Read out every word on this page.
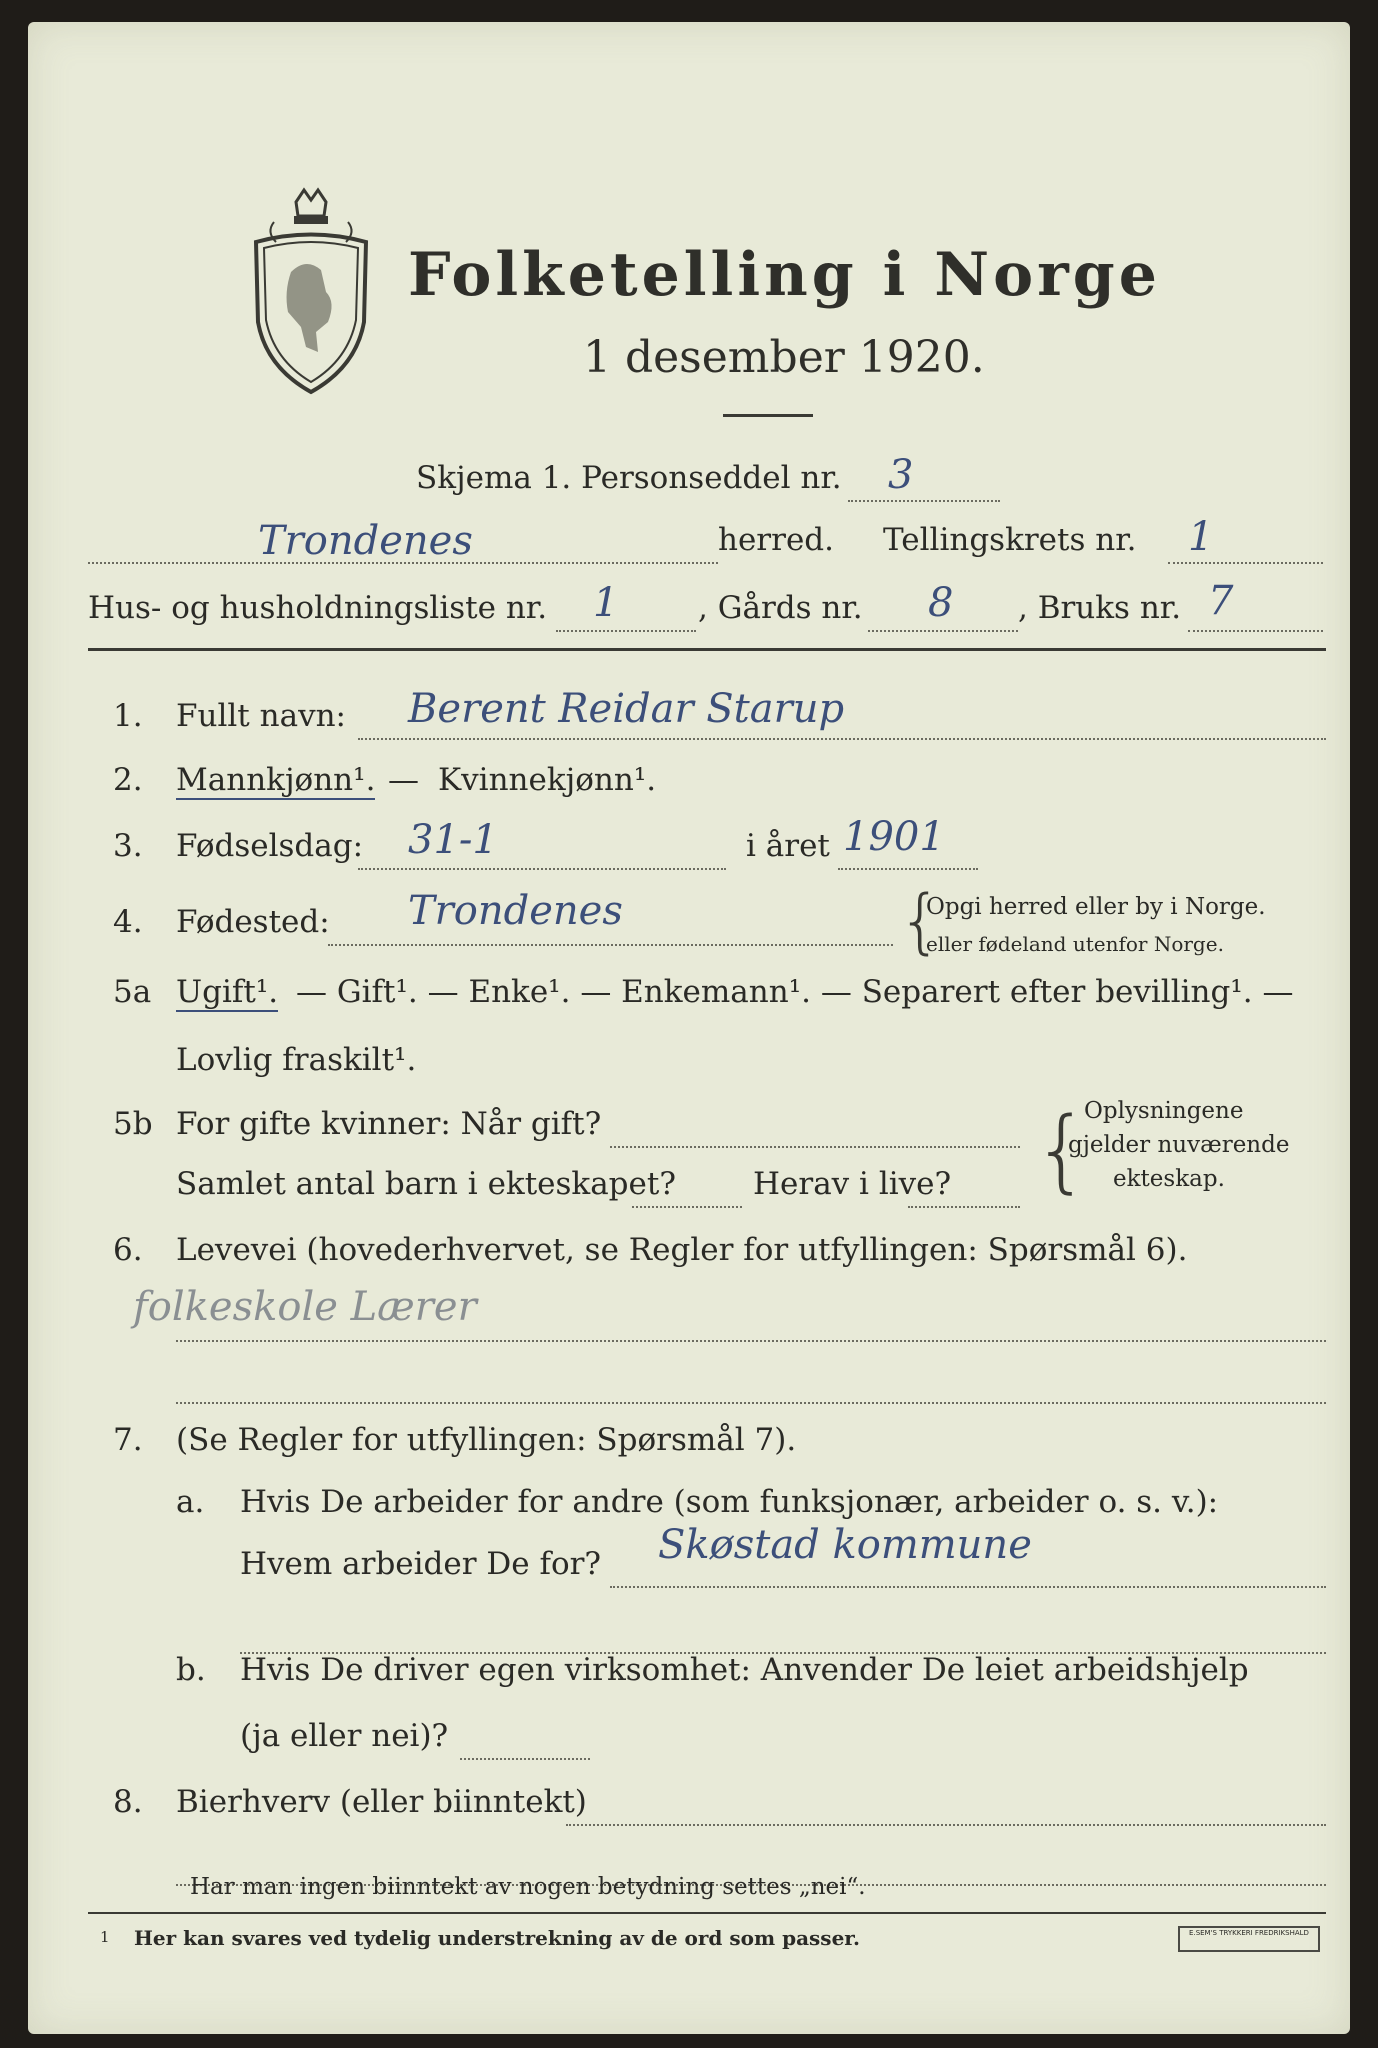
Folketelling i Norge
1 desember 1920.
Skjema 1. Personseddel nr. 3
Trondenes	herred. Tellingskrets nr. 1
Hus- og husholdningsliste nr. 1	, Gårds nr. 8 , Bruks nr. 7
1. Fullt navn: Berent Reidar Starup
2. Mannkjønn¹. — Kvinnekjønn¹.
3. Fødselsdag: 31-1	i året 1901
4. Fødested: Trondenes	{
Opgi herred eller by i Norge.
eller fødeland utenfor Norge.
5a Ugift¹. — Gift¹. — Enke¹. — Enkemann¹. — Separert efter bevilling¹. —
Lovlig fraskilt¹.
5b For gifte kvinner: Når gift?
Samlet antal barn i ekteskapet? Herav i live? {
Oplysningene
gjelder nuværende
ekteskap.
6. Levevei (hovederhvervet, se Regler for utfyllingen: Spørsmål 6).
folkeskole Lærer
7. (Se Regler for utfyllingen: Spørsmål 7).
a. Hvis De arbeider for andre (som funksjonær, arbeider o. s. v.):
Hvem arbeider De for? Skøstad kommune
b. Hvis De driver egen virksomhet: Anvender De leiet arbeidshjelp
(ja eller nei)?
8. Bierhverv (eller biinntekt)
Har man ingen biinntekt av nogen betydning settes „nei“.
1 Her kan svares ved tydelig understrekning av de ord som passer.	E.SEM'S TRYKKERI FREDRIKSHALD
